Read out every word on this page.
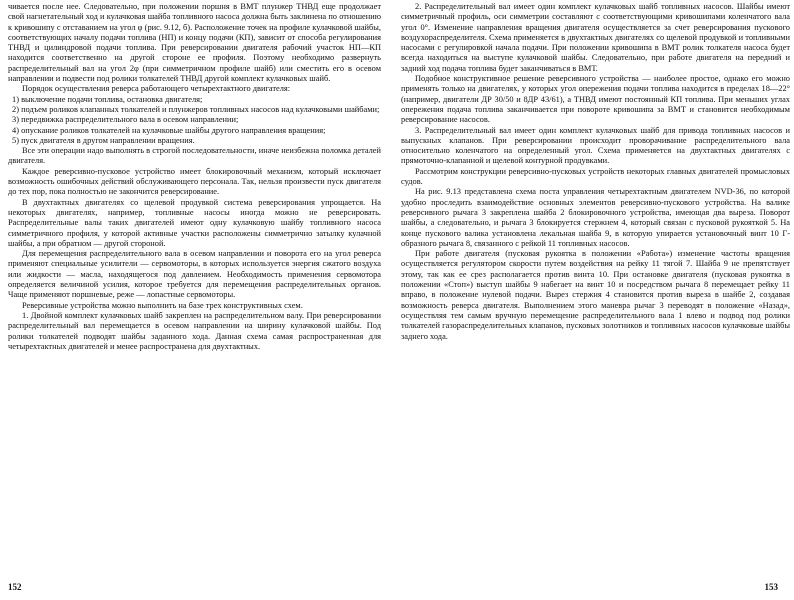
чивается после нее. Следовательно, при положении поршня в ВМТ плунжер ТНВД еще продолжает свой нагнетательный ход и кулачковая шайба топливного насоса должна быть заклинена по отношению к кривошипу с отставанием на угол φ (рис. 9.12, б). Расположение точек на профиле кулачковой шайбы, соответствующих началу подачи топлива (НП) и концу подачи (КП), зависит от способа регулирования ТНВД и цилиндровой подачи топлива. При реверсировании двигателя рабочий участок НП—КП находится соответственно на другой стороне ее профиля. Поэтому необходимо развернуть распределительный вал на угол 2φ (при симметричном профиле шайб) или сместить его в осевом направлении и подвести под ролики толкателей ТНВД другой комплект кулачковых шайб.

Порядок осуществления реверса работающего четырехтактного двигателя:

1) выключение подачи топлива, остановка двигателя;

2) подъем роликов клапанных толкателей и плунжеров топливных насосов над кулачковыми шайбами;

3) передвижка распределительного вала в осевом направлении;

4) опускание роликов толкателей на кулачковые шайбы другого направления вращения;

5) пуск двигателя в другом направлении вращения.

Все эти операции надо выполнять в строгой последовательности, иначе неизбежна поломка деталей двигателя.

Каждое реверсивно-пусковое устройство имеет блокировочный механизм, который исключает возможность ошибочных действий обслуживающего персонала. Так, нельзя произвести пуск двигателя до тех пор, пока полностью не закончится реверсирование.

В двухтактных двигателях со щелевой продувкой система реверсирования упрощается. На некоторых двигателях, например, топливные насосы иногда можно не реверсировать. Распределительные валы таких двигателей имеют одну кулачковую шайбу топливного насоса симметричного профиля, у которой активные участки расположены симметрично затылку кулачной шайбы, а при обратном — другой стороной.

Для перемещения распределительного вала в осевом направлении и поворота его на угол реверса применяют специальные усилители — сервомоторы, в которых используется энергия сжатого воздуха или жидкости — масла, находящегося под давлением. Необходимость применения сервомотора определяется величиной усилия, которое требуется для перемещения распределительных органов. Чаще применяют поршневые, реже — лопастные сервомоторы.

Реверсивные устройства можно выполнить на базе трех конструктивных схем.

1. Двойной комплект кулачковых шайб закреплен на распределительном валу. При реверсировании распределительный вал перемещается в осевом направлении на ширину кулачковой шайбы. Под ролики толкателей подводят шайбы заданного хода. Данная схема самая распространенная для четырехтактных двигателей и менее распространена для двухтактных.

152

2. Распределительный вал имеет один комплект кулачковых шайб топливных насосов. Шайбы имеют симметричный профиль, оси симметрии составляют с соответствующими кривошипами коленчатого вала угол 0°. Изменение направления вращения двигателя осуществляется за счет реверсирования пускового воздухораспределителя. Схема применяется в двухтактных двигателях со щелевой продувкой и топливными насосами с регулировкой начала подачи. При положении кривошипа в ВМТ ролик толкателя насоса будет всегда находиться на выступе кулачковой шайбы. Следовательно, при работе двигателя на передний и задний ход подача топлива будет заканчиваться в ВМТ.

Подобное конструктивное решение реверсивного устройства — наиболее простое, однако его можно применять только на двигателях, у которых угол опережения подачи топлива находится в пределах 18—22° (например, двигатели ДР 30/50 и 8ДР 43/61), а ТНВД имеют постоянный КП топлива. При меньших углах опережения подача топлива заканчивается при повороте кривошипа за ВМТ и становится необходимым реверсирование насосов.

3. Распределительный вал имеет один комплект кулачковых шайб для привода топливных насосов и выпускных клапанов. При реверсировании происходит проворачивание распределительного вала относительно коленчатого на определенный угол. Схема применяется на двухтактных двигателях с прямоточно-клапанной и щелевой контурной продувками.

Рассмотрим конструкции реверсивно-пусковых устройств некоторых главных двигателей промысловых судов.

На рис. 9.13 представлена схема поста управления четырехтактным двигателем NVD-36, по которой удобно проследить взаимодействие основных элементов реверсивно-пускового устройства. На валике реверсивного рычага 3 закреплена шайба 2 блокировочного устройства, имеющая два выреза. Поворот шайбы, а следовательно, и рычага 3 блокируется стержнем 4, который связан с пусковой рукояткой 5. На конце пускового валика установлена лекальная шайба 9, в которую упирается установочный винт 10 Г-образного рычага 8, связанного с рейкой 11 топливных насосов.

При работе двигателя (пусковая рукоятка в положении «Работа») изменение частоты вращения осуществляется регулятором скорости путем воздействия на рейку 11 тягой 7. Шайба 9 не препятствует этому, так как ее срез располагается против винта 10. При остановке двигателя (пусковая рукоятка в положении «Стоп») выступ шайбы 9 набегает на винт 10 и посредством рычага 8 перемещает рейку 11 вправо, в положение нулевой подачи. Вырез стержня 4 становится против выреза в шайбе 2, создавая возможность реверса двигателя. Выполнением этого маневра рычаг 3 переводят в положение «Назад», осуществляя тем самым вручную перемещение распределительного вала 1 влево и подвод под ролики толкателей газораспределительных клапанов, пусковых золотников и топливных насосов кулачковые шайбы заднего хода.

153
